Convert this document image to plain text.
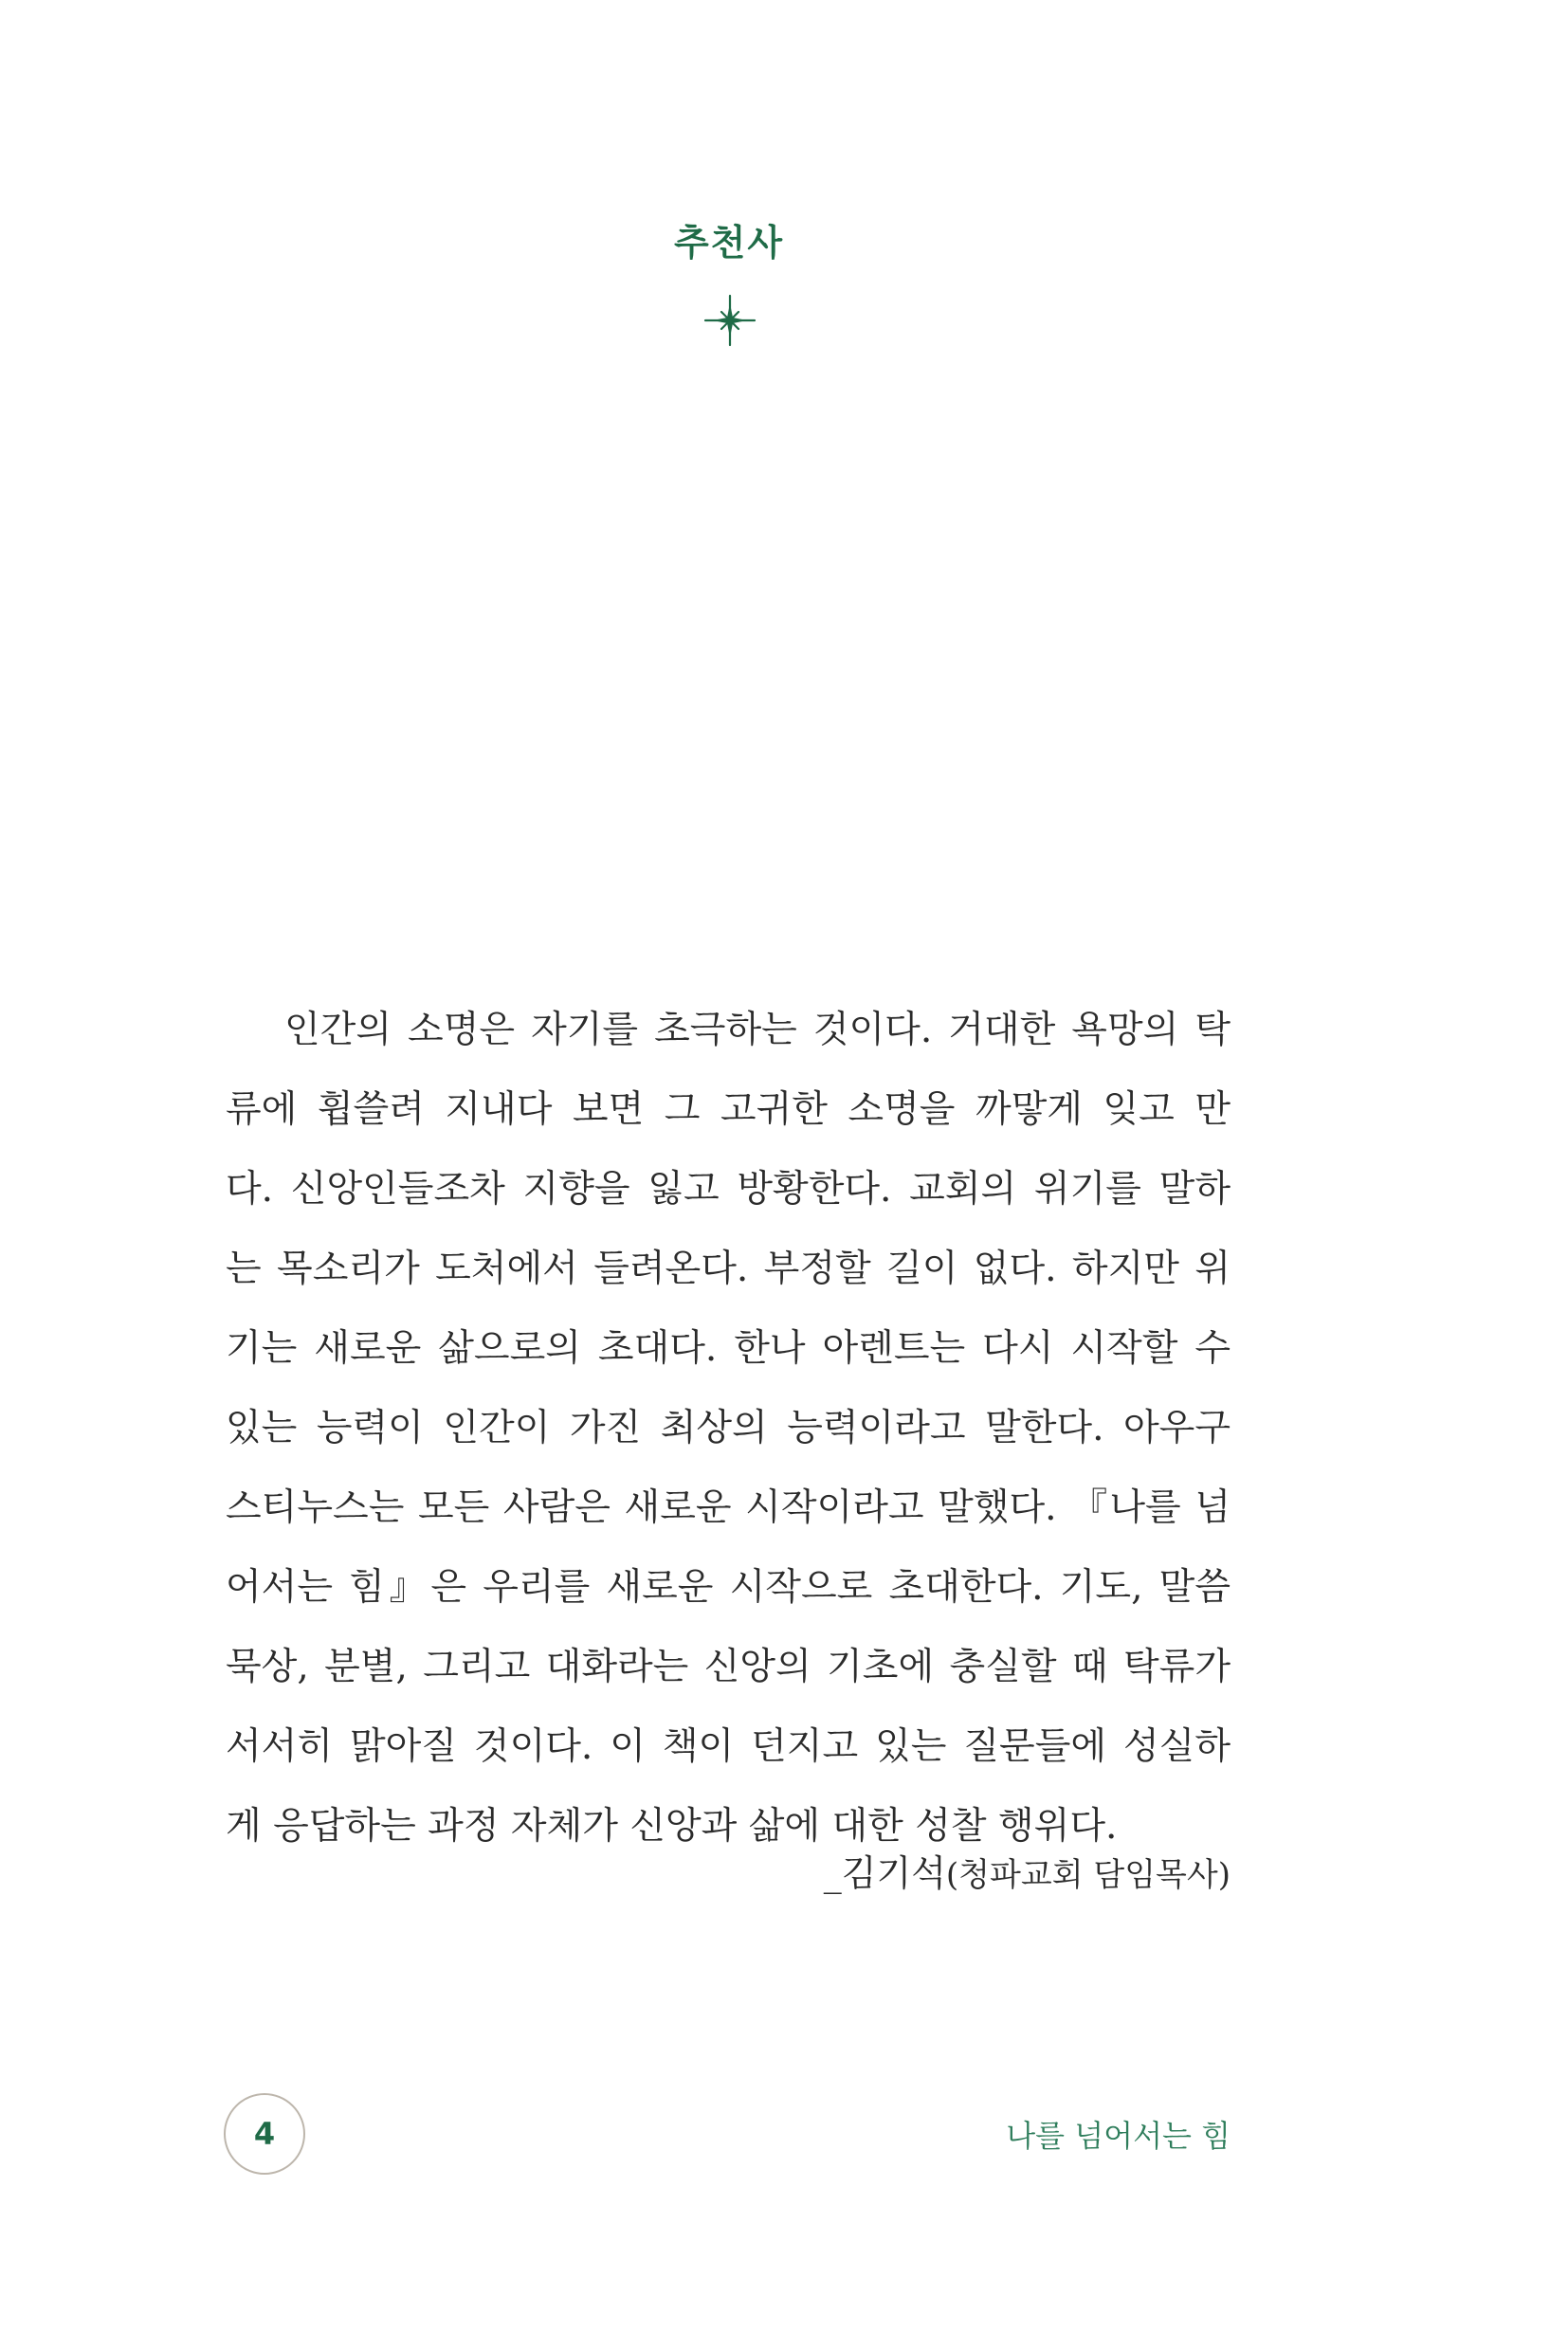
추천사
인간의 소명은 자기를 초극하는 것이다. 거대한 욕망의 탁
류에 휩쓸려 지내다 보면 그 고귀한 소명을 까맣게 잊고 만
다. 신앙인들조차 지향을 잃고 방황한다. 교회의 위기를 말하
는 목소리가 도처에서 들려온다. 부정할 길이 없다. 하지만 위
기는 새로운 삶으로의 초대다. 한나 아렌트는 다시 시작할 수
있는 능력이 인간이 가진 최상의 능력이라고 말한다. 아우구
스티누스는 모든 사람은 새로운 시작이라고 말했다. 『나를 넘
어서는 힘』은 우리를 새로운 시작으로 초대한다. 기도, 말씀
묵상, 분별, 그리고 대화라는 신앙의 기초에 충실할 때 탁류가
서서히 맑아질 것이다. 이 책이 던지고 있는 질문들에 성실하
게 응답하는 과정 자체가 신앙과 삶에 대한 성찰 행위다.
_김기석(청파교회 담임목사)
4	나를 넘어서는 힘
